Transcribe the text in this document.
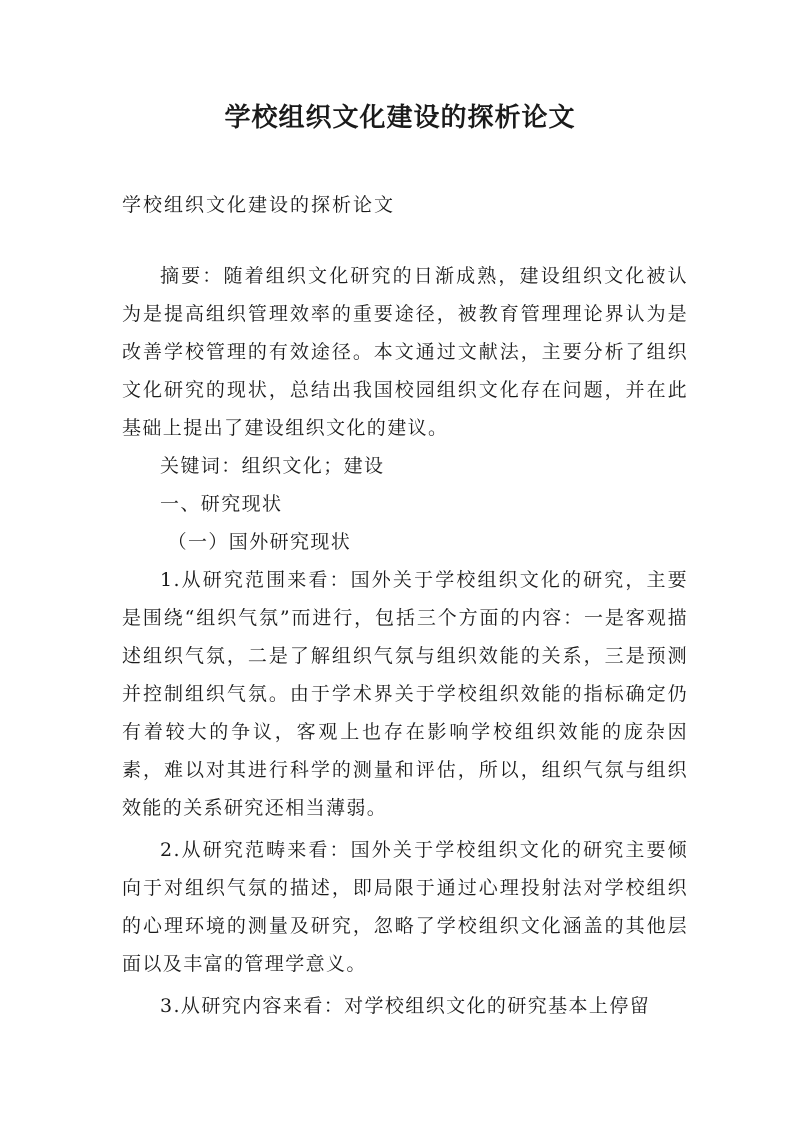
学校组织文化建设的探析论文
学校组织文化建设的探析论文

摘要：随着组织文化研究的日渐成熟，建设组织文化被认为是提高组织管理效率的重要途径，被教育管理理论界认为是改善学校管理的有效途径。本文通过文献法，主要分析了组织文化研究的现状，总结出我国校园组织文化存在问题，并在此基础上提出了建设组织文化的建议。

关键词：组织文化；建设

一、研究现状

（一）国外研究现状

1.从研究范围来看：国外关于学校组织文化的研究，主要是围绕“组织气氛”而进行，包括三个方面的内容：一是客观描述组织气氛，二是了解组织气氛与组织效能的关系，三是预测并控制组织气氛。由于学术界关于学校组织效能的指标确定仍有着较大的争议，客观上也存在影响学校组织效能的庞杂因素，难以对其进行科学的测量和评估，所以，组织气氛与组织效能的关系研究还相当薄弱。

2.从研究范畴来看：国外关于学校组织文化的研究主要倾向于对组织气氛的描述，即局限于通过心理投射法对学校组织的心理环境的测量及研究，忽略了学校组织文化涵盖的其他层面以及丰富的管理学意义。

3.从研究内容来看：对学校组织文化的研究基本上停留
